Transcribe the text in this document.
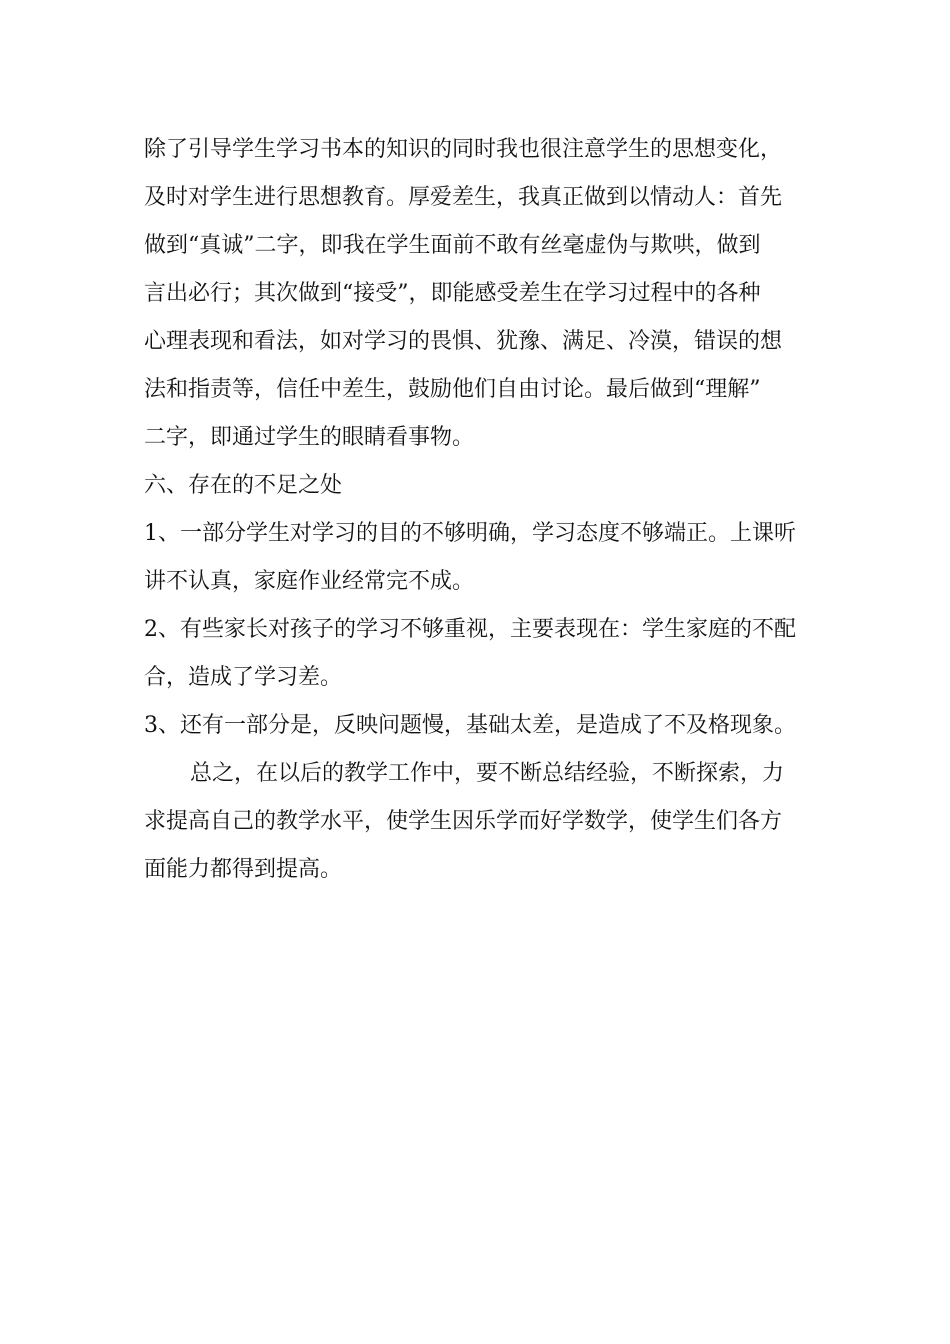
除了引导学生学习书本的知识的同时我也很注意学生的思想变化，
及时对学生进行思想教育。厚爱差生，我真正做到以情动人：首先
做到“真诚”二字，即我在学生面前不敢有丝毫虚伪与欺哄，做到
言出必行；其次做到“接受”，即能感受差生在学习过程中的各种
心理表现和看法，如对学习的畏惧、犹豫、满足、冷漠，错误的想
法和指责等，信任中差生，鼓励他们自由讨论。最后做到“理解”
二字，即通过学生的眼睛看事物。
六、存在的不足之处
1、一部分学生对学习的目的不够明确，学习态度不够端正。上课听
讲不认真，家庭作业经常完不成。
2、有些家长对孩子的学习不够重视，主要表现在：学生家庭的不配
合，造成了学习差。
3、还有一部分是，反映问题慢，基础太差，是造成了不及格现象。
总之，在以后的教学工作中，要不断总结经验，不断探索，力
求提高自己的教学水平，使学生因乐学而好学数学，使学生们各方
面能力都得到提高。
